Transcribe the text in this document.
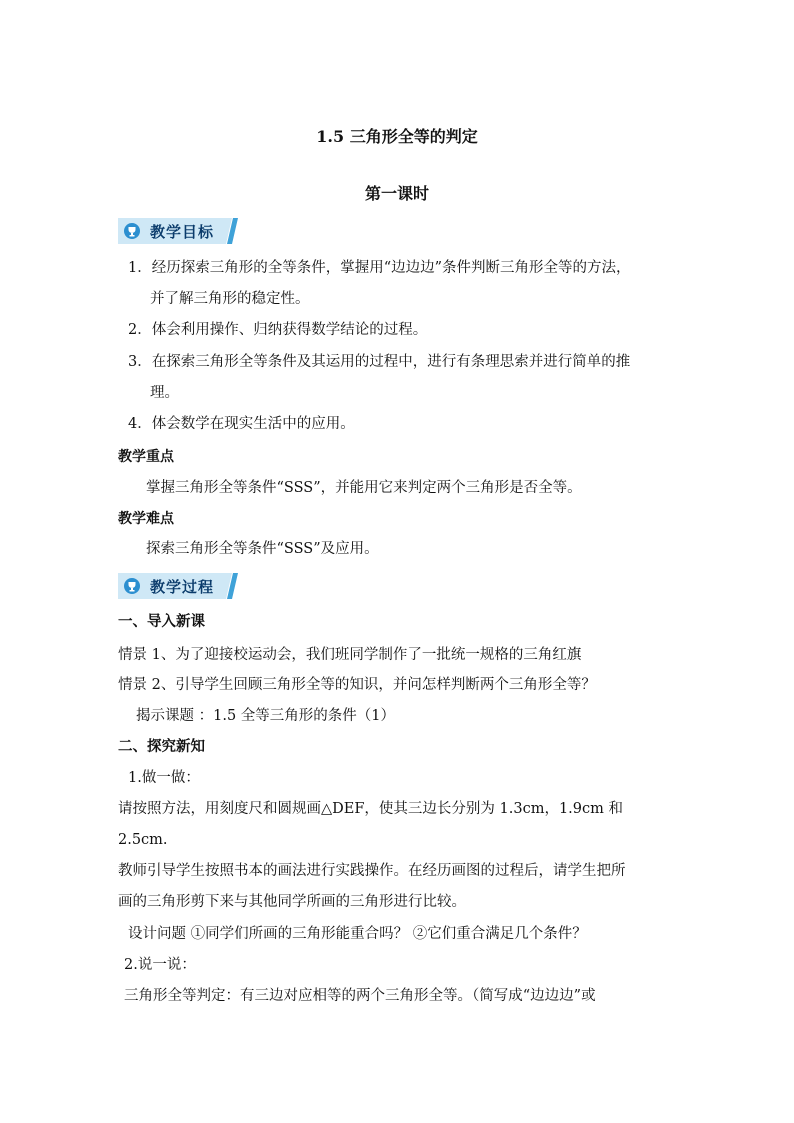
1.5 三角形全等的判定
第一课时
教学目标
1．经历探索三角形的全等条件，掌握用“边边边”条件判断三角形全等的方法，
并了解三角形的稳定性。
2．体会利用操作、归纳获得数学结论的过程。
3．在探索三角形全等条件及其运用的过程中，进行有条理思索并进行简单的推
理。
4．体会数学在现实生活中的应用。
教学重点
掌握三角形全等条件“SSS”，并能用它来判定两个三角形是否全等。
教学难点
探索三角形全等条件“SSS”及应用。
教学过程
一、导入新课
情景 1、为了迎接校运动会，我们班同学制作了一批统一规格的三角红旗
情景 2、引导学生回顾三角形全等的知识，并问怎样判断两个三角形全等？
揭示课题 ：1.5 全等三角形的条件（1）
二、探究新知
1.做一做：
请按照方法，用刻度尺和圆规画△DEF，使其三边长分别为 1.3cm，1.9cm 和
2.5cm.
教师引导学生按照书本的画法进行实践操作。在经历画图的过程后，请学生把所
画的三角形剪下来与其他同学所画的三角形进行比较。
设计问题 ①同学们所画的三角形能重合吗？ ②它们重合满足几个条件？
2.说一说：
三角形全等判定：有三边对应相等的两个三角形全等。（简写成“边边边”或
